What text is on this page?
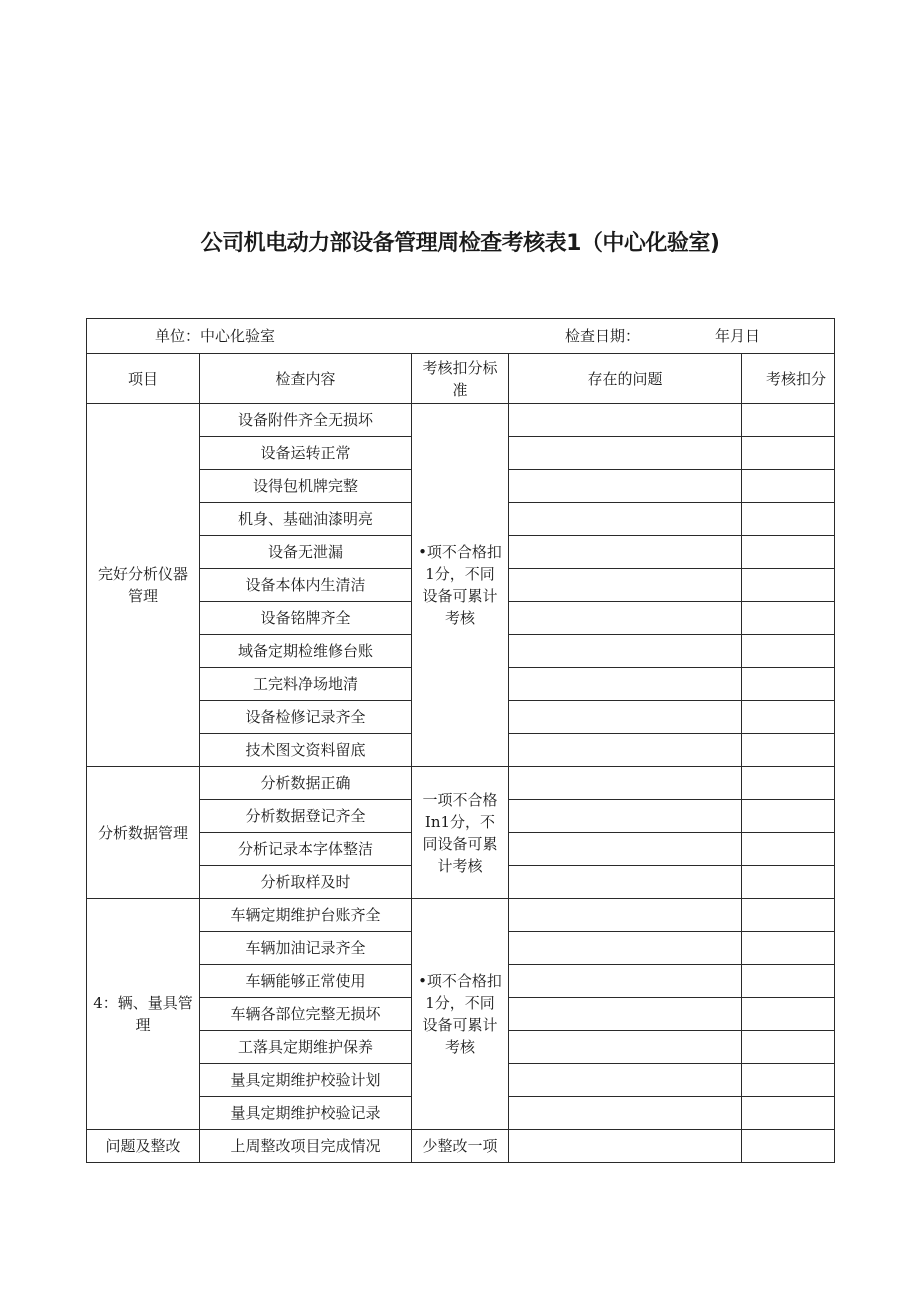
公司机电动力部设备管理周检查考核表1（中心化验室)
单位：中心化验室 检查日期： 年月日				

项目	检查内容	考核扣分标准	存在的问题	考核扣分
完好分析仪器管理	设备附件齐全无损坏	•项不合格扣1分，不同设备可累计考核		
	设备运转正常			
	设得包机牌完整			
	机身、基础油漆明亮			
	设备无泄漏			
	设备本体内生清洁			
	设备铭牌齐全			
	域备定期检维修台账			
	工完料净场地清			
	设备检修记录齐全			
	技术图文资料留底			
分析数据管理	分析数据正确	一项不合格In1分，不同设备可累计考核		
	分析数据登记齐全			
	分析记录本字体整洁			
	分析取样及时			
4：辆、量具管理	车辆定期维护台账齐全	•项不合格扣1分，不同设备可累计考核		
	车辆加油记录齐全			
	车辆能够正常使用			
	车辆各部位完整无损坏			
	工落具定期维护保养			
	量具定期维护校验计划			
	量具定期维护校验记录			
问题及整改	上周整改项目完成情况	少整改一项		
